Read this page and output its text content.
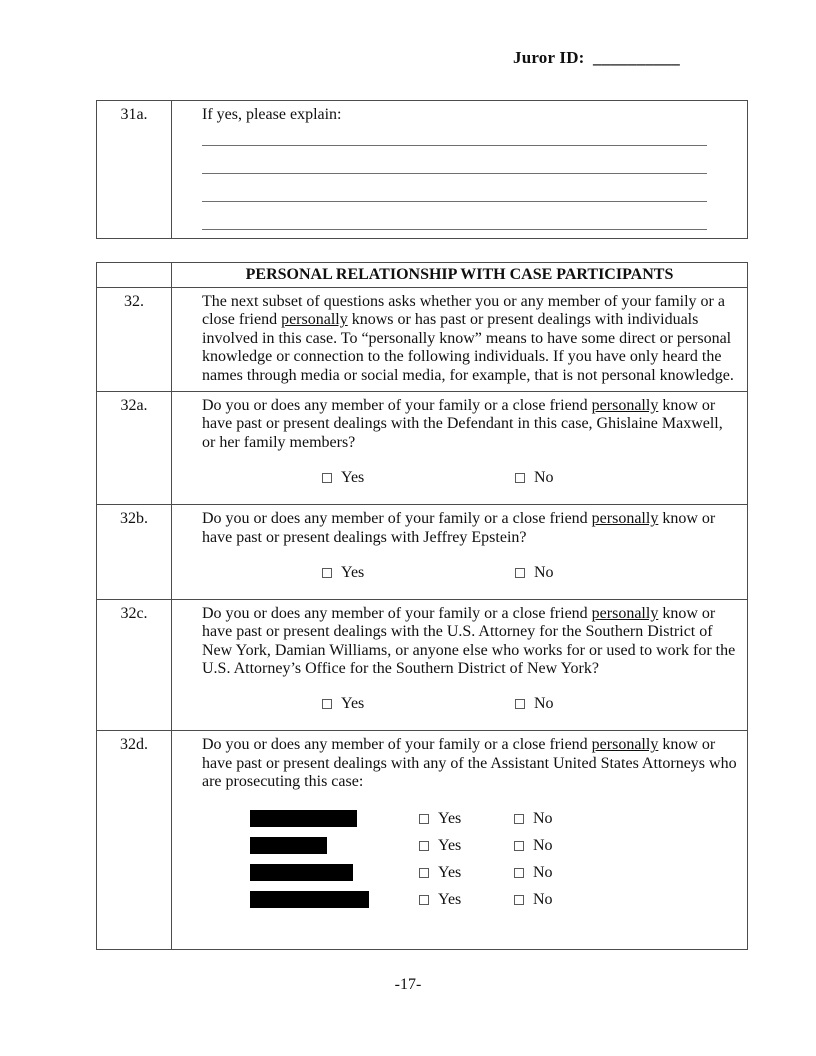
Juror ID: __________
31a.	If yes, please explain:

	PERSONAL RELATIONSHIP WITH CASE PARTICIPANTS
32.	The next subset of questions asks whether you or any member of your family or a close friend personally knows or has past or present dealings with individuals involved in this case. To “personally know” means to have some direct or personal knowledge or connection to the following individuals. If you have only heard the names through media or social media, for example, that is not personal knowledge.

32a.	Do you or does any member of your family or a close friend personally know or have past or present dealings with the Defendant in this case, Ghislaine Maxwell, or her family members?

Yes No

32b.	Do you or does any member of your family or a close friend personally know or have past or present dealings with Jeffrey Epstein?

Yes No

32c.	Do you or does any member of your family or a close friend personally know or have past or present dealings with the U.S. Attorney for the Southern District of New York, Damian Williams, or anyone else who works for or used to work for the U.S. Attorney’s Office for the Southern District of New York?

Yes No

32d.	Do you or does any member of your family or a close friend personally know or have past or present dealings with any of the Assistant United States Attorneys who are prosecuting this case:

Yes	No
Yes	No
Yes	No
Yes	No
-17-
